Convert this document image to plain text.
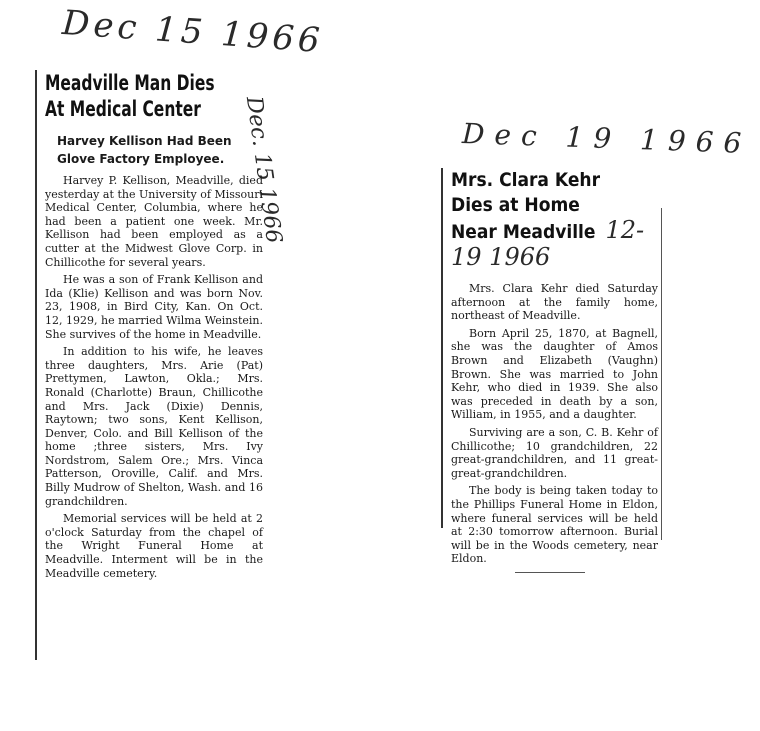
Dec 15 1966
Dec. 15 1966	Dec 19 1966
Meadville Man Dies
At Medical Center
Harvey Kellison Had Been
Glove Factory Employee.

Harvey P. Kellison, Meadville, died yesterday at the University of Missouri Medical Center, Columbia, where he had been a patient one week. Mr. Kellison had been employed as a cutter at the Midwest Glove Corp. in Chillicothe for several years.

He was a son of Frank Kellison and Ida (Klie) Kellison and was born Nov. 23, 1908, in Bird City, Kan. On Oct. 12, 1929, he married Wilma Weinstein. She survives of the home in Meadville.

In addition to his wife, he leaves three daughters, Mrs. Arie (Pat) Prettymen, Lawton, Okla.; Mrs. Ronald (Charlotte) Braun, Chillicothe and Mrs. Jack (Dixie) Dennis, Raytown; two sons, Kent Kellison, Denver, Colo. and Bill Kellison of the home ;three sisters, Mrs. Ivy Nordstrom, Salem Ore.; Mrs. Vinca Patterson, Oroville, Calif. and Mrs. Billy Mudrow of Shelton, Wash. and 16 grandchildren.

Memorial services will be held at 2 o'clock Saturday from the chapel of the Wright Funeral Home at Meadville. Interment will be in the Meadville cemetery.

Mrs. Clara Kehr
Dies at Home
Near Meadville 12-19 1966

Mrs. Clara Kehr died Saturday afternoon at the family home, northeast of Meadville.

Born April 25, 1870, at Bagnell, she was the daughter of Amos Brown and Elizabeth (Vaughn) Brown. She was married to John Kehr, who died in 1939. She also was preceded in death by a son, William, in 1955, and a daughter.

Surviving are a son, C. B. Kehr of Chillicothe; 10 grandchildren, 22 great-grandchildren, and 11 great-great-grandchildren.

The body is being taken today to the Phillips Funeral Home in Eldon, where funeral services will be held at 2:30 tomorrow afternoon. Burial will be in the Woods cemetery, near Eldon.
